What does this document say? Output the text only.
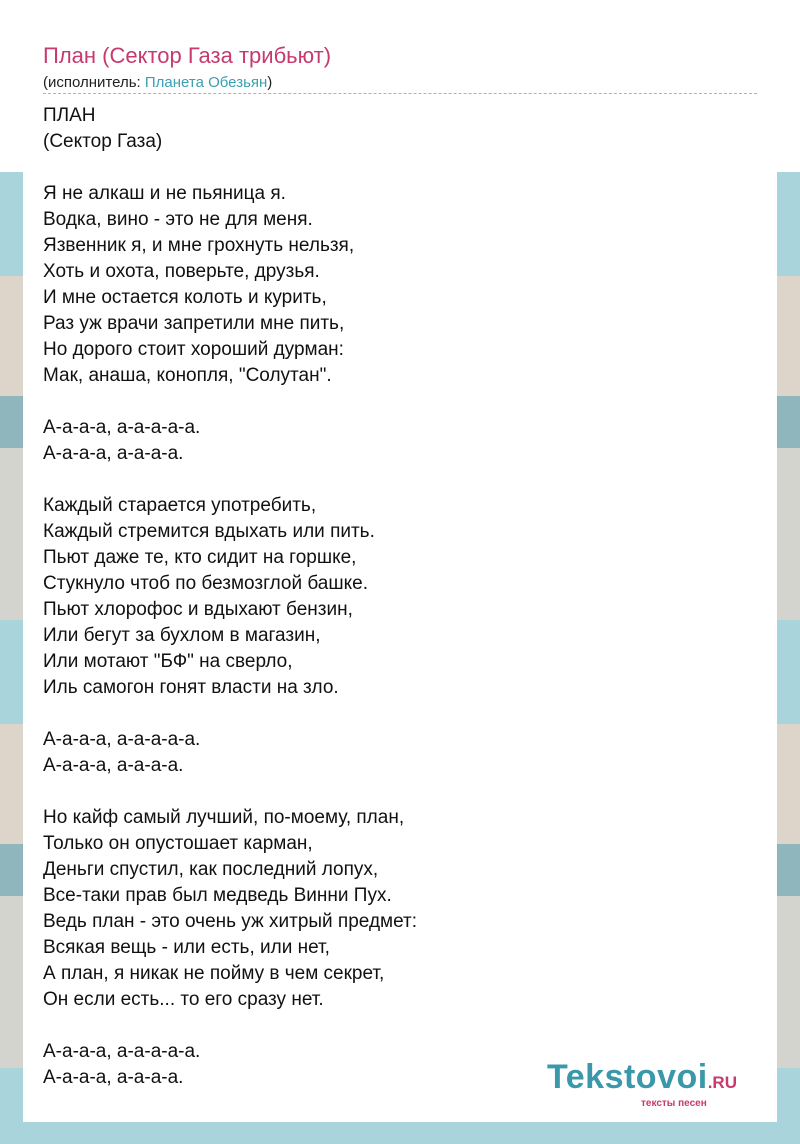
План (Сектор Газа трибьют)
(исполнитель: Планета Обезьян)
ПЛАН
(Сектор Газа)
Я не алкаш и не пьяница я.
Водка, вино - это не для меня.
Язвенник я, и мне грохнуть нельзя,
Хоть и охота, поверьте, друзья.
И мне остается колоть и курить,
Раз уж врачи запретили мне пить,
Но дорого стоит хороший дурман:
Мак, анаша, конопля, "Солутан".
А-а-а-а, а-а-а-а-а.
А-а-а-а, а-а-а-а.
Каждый старается употребить,
Каждый стремится вдыхать или пить.
Пьют даже те, кто сидит на горшке,
Стукнуло чтоб по безмозглой башке.
Пьют хлорофос и вдыхают бензин,
Или бегут за бухлом в магазин,
Или мотают "БФ" на сверло,
Иль самогон гонят власти на зло.
А-а-а-а, а-а-а-а-а.
А-а-а-а, а-а-а-а.
Но кайф самый лучший, по-моему, план,
Только он опустошает карман,
Деньги спустил, как последний лопух,
Все-таки прав был медведь Винни Пух.
Ведь план - это очень уж хитрый предмет:
Всякая вещь - или есть, или нет,
А план, я никак не пойму в чем секрет,
Он если есть... то его сразу нет.
А-а-а-а, а-а-а-а-а.
А-а-а-а, а-а-а-а.	Tekstovoi.RU
тексты песен
